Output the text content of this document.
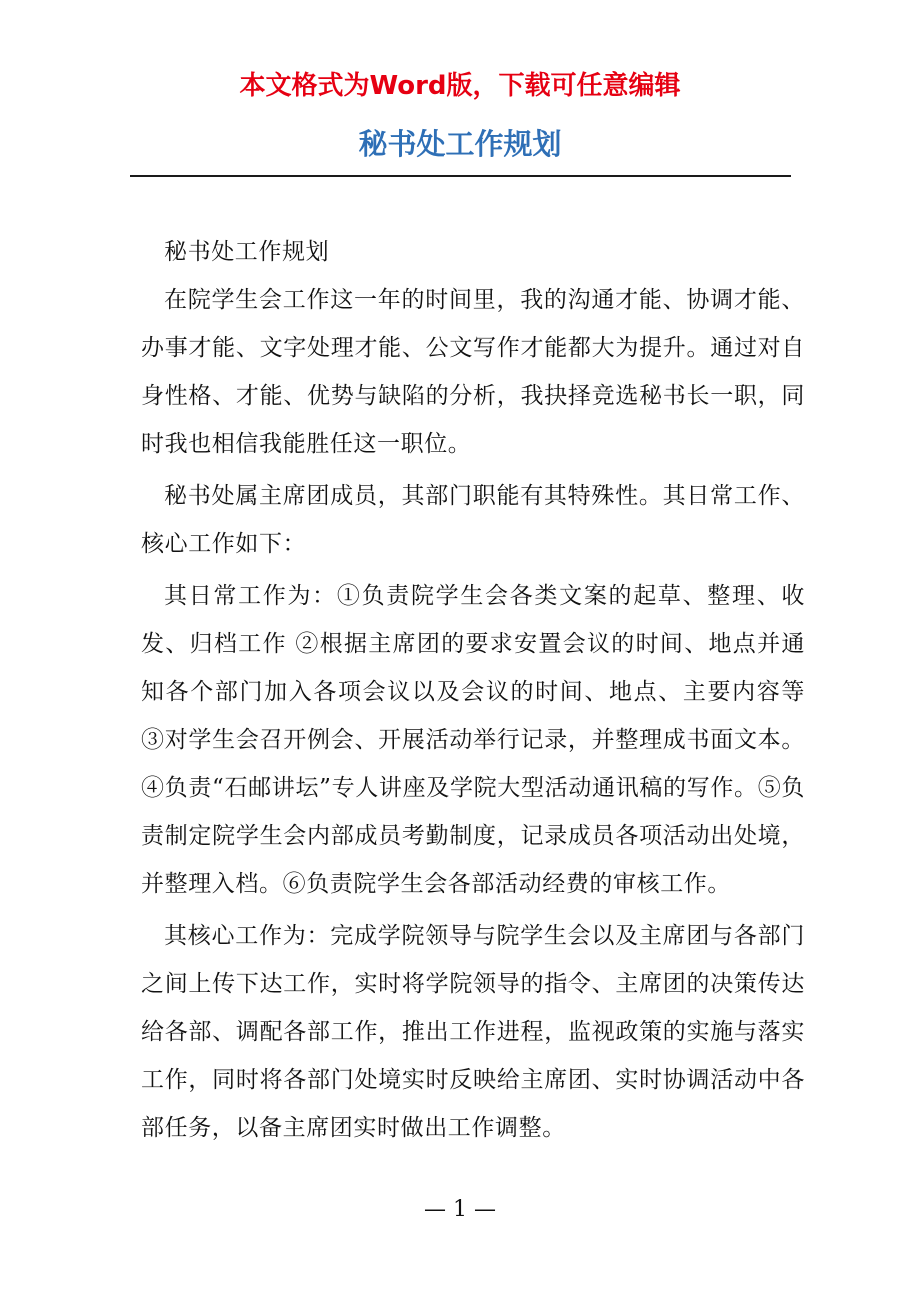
本文格式为Word版，下载可任意编辑
秘书处工作规划

秘书处工作规划

在院学生会工作这一年的时间里，我的沟通才能、协调才能、办事才能、文字处理才能、公文写作才能都大为提升。通过对自身性格、才能、优势与缺陷的分析，我抉择竞选秘书长一职，同时我也相信我能胜任这一职位。

秘书处属主席团成员，其部门职能有其特殊性。其日常工作、核心工作如下：

其日常工作为：①负责院学生会各类文案的起草、整理、收发、归档工作 ②根据主席团的要求安置会议的时间、地点并通知各个部门加入各项会议以及会议的时间、地点、主要内容等 ③对学生会召开例会、开展活动举行记录，并整理成书面文本。④负责“石邮讲坛”专人讲座及学院大型活动通讯稿的写作。⑤负责制定院学生会内部成员考勤制度，记录成员各项活动出处境，并整理入档。⑥负责院学生会各部活动经费的审核工作。

其核心工作为：完成学院领导与院学生会以及主席团与各部门之间上传下达工作，实时将学院领导的指令、主席团的决策传达给各部、调配各部工作，推出工作进程，监视政策的实施与落实工作，同时将各部门处境实时反映给主席团、实时协调活动中各部任务，以备主席团实时做出工作调整。

— 1 —
